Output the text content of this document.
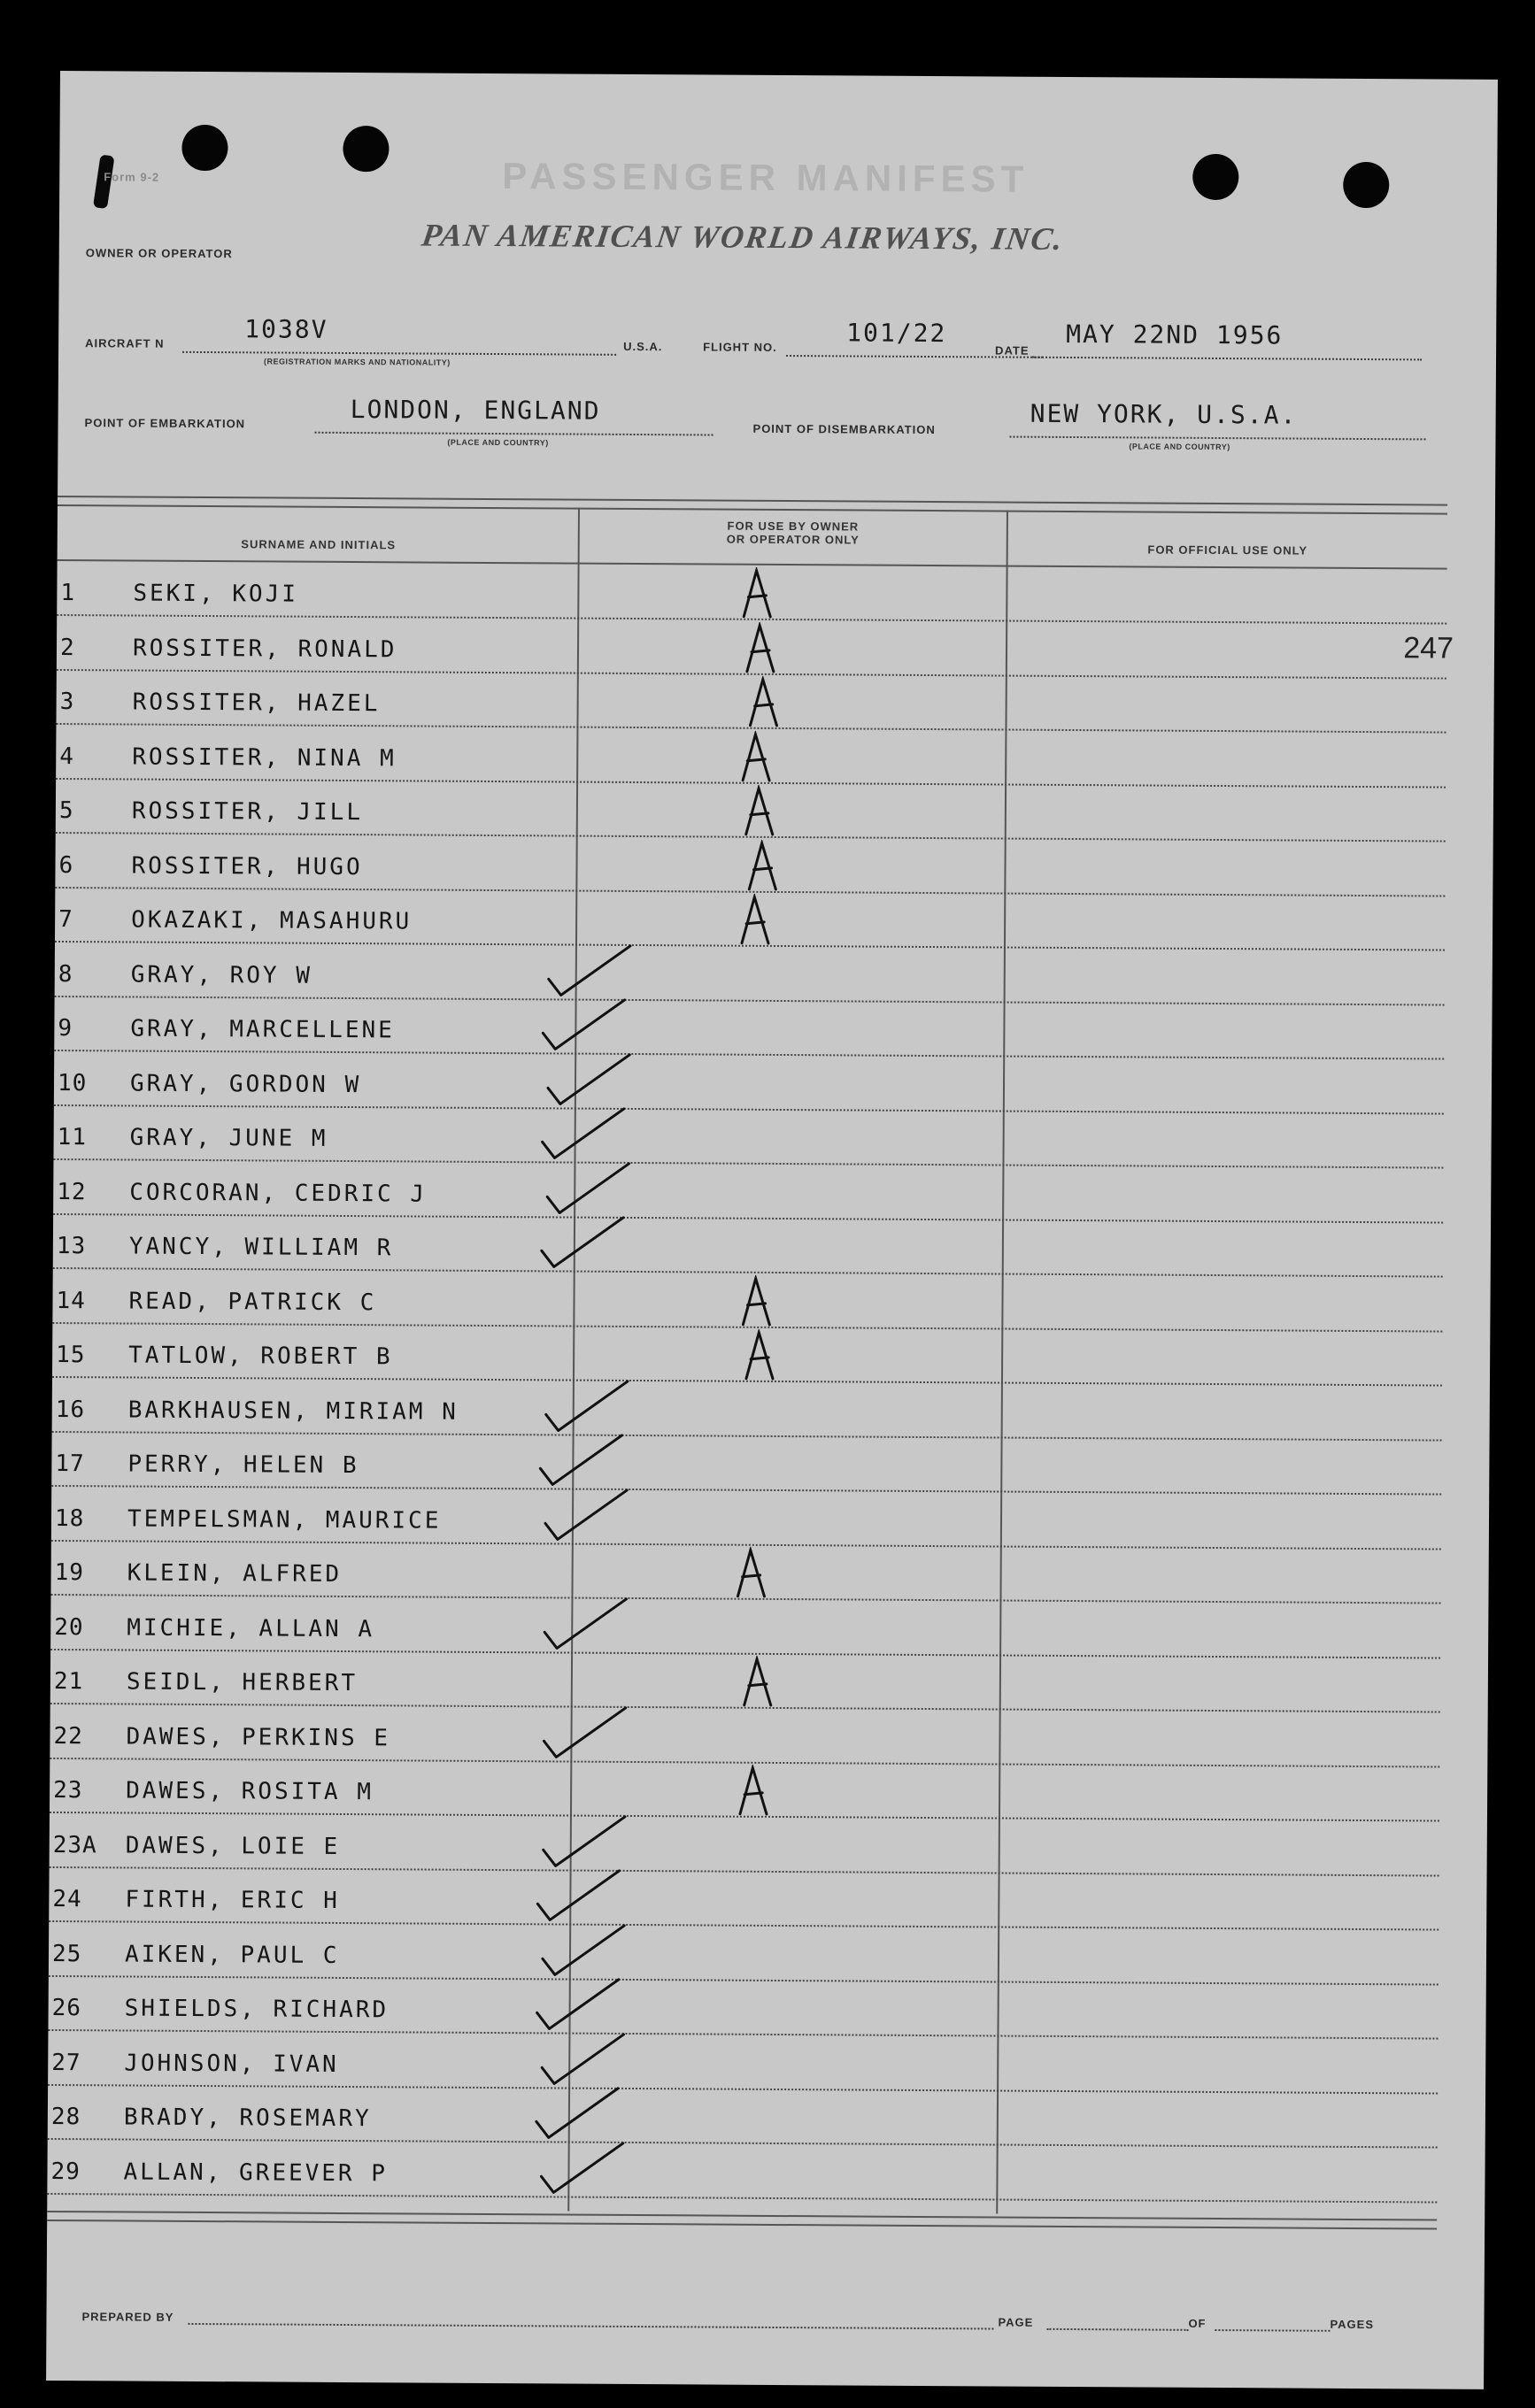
Form 9-2	PASSENGER MANIFEST
OWNER OR OPERATOR	PAN AMERICAN WORLD AIRWAYS, INC.
AIRCRAFT N	1038V
(REGISTRATION MARKS AND NATIONALITY)
U.S.A.	FLIGHT NO.	101/22
DATE
MAY 22ND 1956
POINT OF EMBARKATION	LONDON, ENGLAND
(PLACE AND COUNTRY)
POINT OF DISEMBARKATION	NEW YORK, U.S.A.
(PLACE AND COUNTRY)
SURNAME AND INITIALS
FOR USE BY OWNER
OR OPERATOR ONLY
FOR OFFICIAL USE ONLY
1	SEKI, KOJI
2	ROSSITER, RONALD	247
3	ROSSITER, HAZEL
4	ROSSITER, NINA M
5	ROSSITER, JILL
6	ROSSITER, HUGO
7	OKAZAKI, MASAHURU
8	GRAY, ROY W
9	GRAY, MARCELLENE
10 GRAY, GORDON W
11 GRAY, JUNE M
12 CORCORAN, CEDRIC J
13 YANCY, WILLIAM R
14 READ, PATRICK C
15 TATLOW, ROBERT B
16 BARKHAUSEN, MIRIAM N
17 PERRY, HELEN B
18 TEMPELSMAN, MAURICE
19 KLEIN, ALFRED
20 MICHIE, ALLAN A
21 SEIDL, HERBERT
22 DAWES, PERKINS E
23 DAWES, ROSITA M
23A DAWES, LOIE E
24 FIRTH, ERIC H
25 AIKEN, PAUL C
26 SHIELDS, RICHARD
27 JOHNSON, IVAN
28 BRADY, ROSEMARY
29 ALLAN, GREEVER P
PREPARED BY	PAGE	OF	PAGES
